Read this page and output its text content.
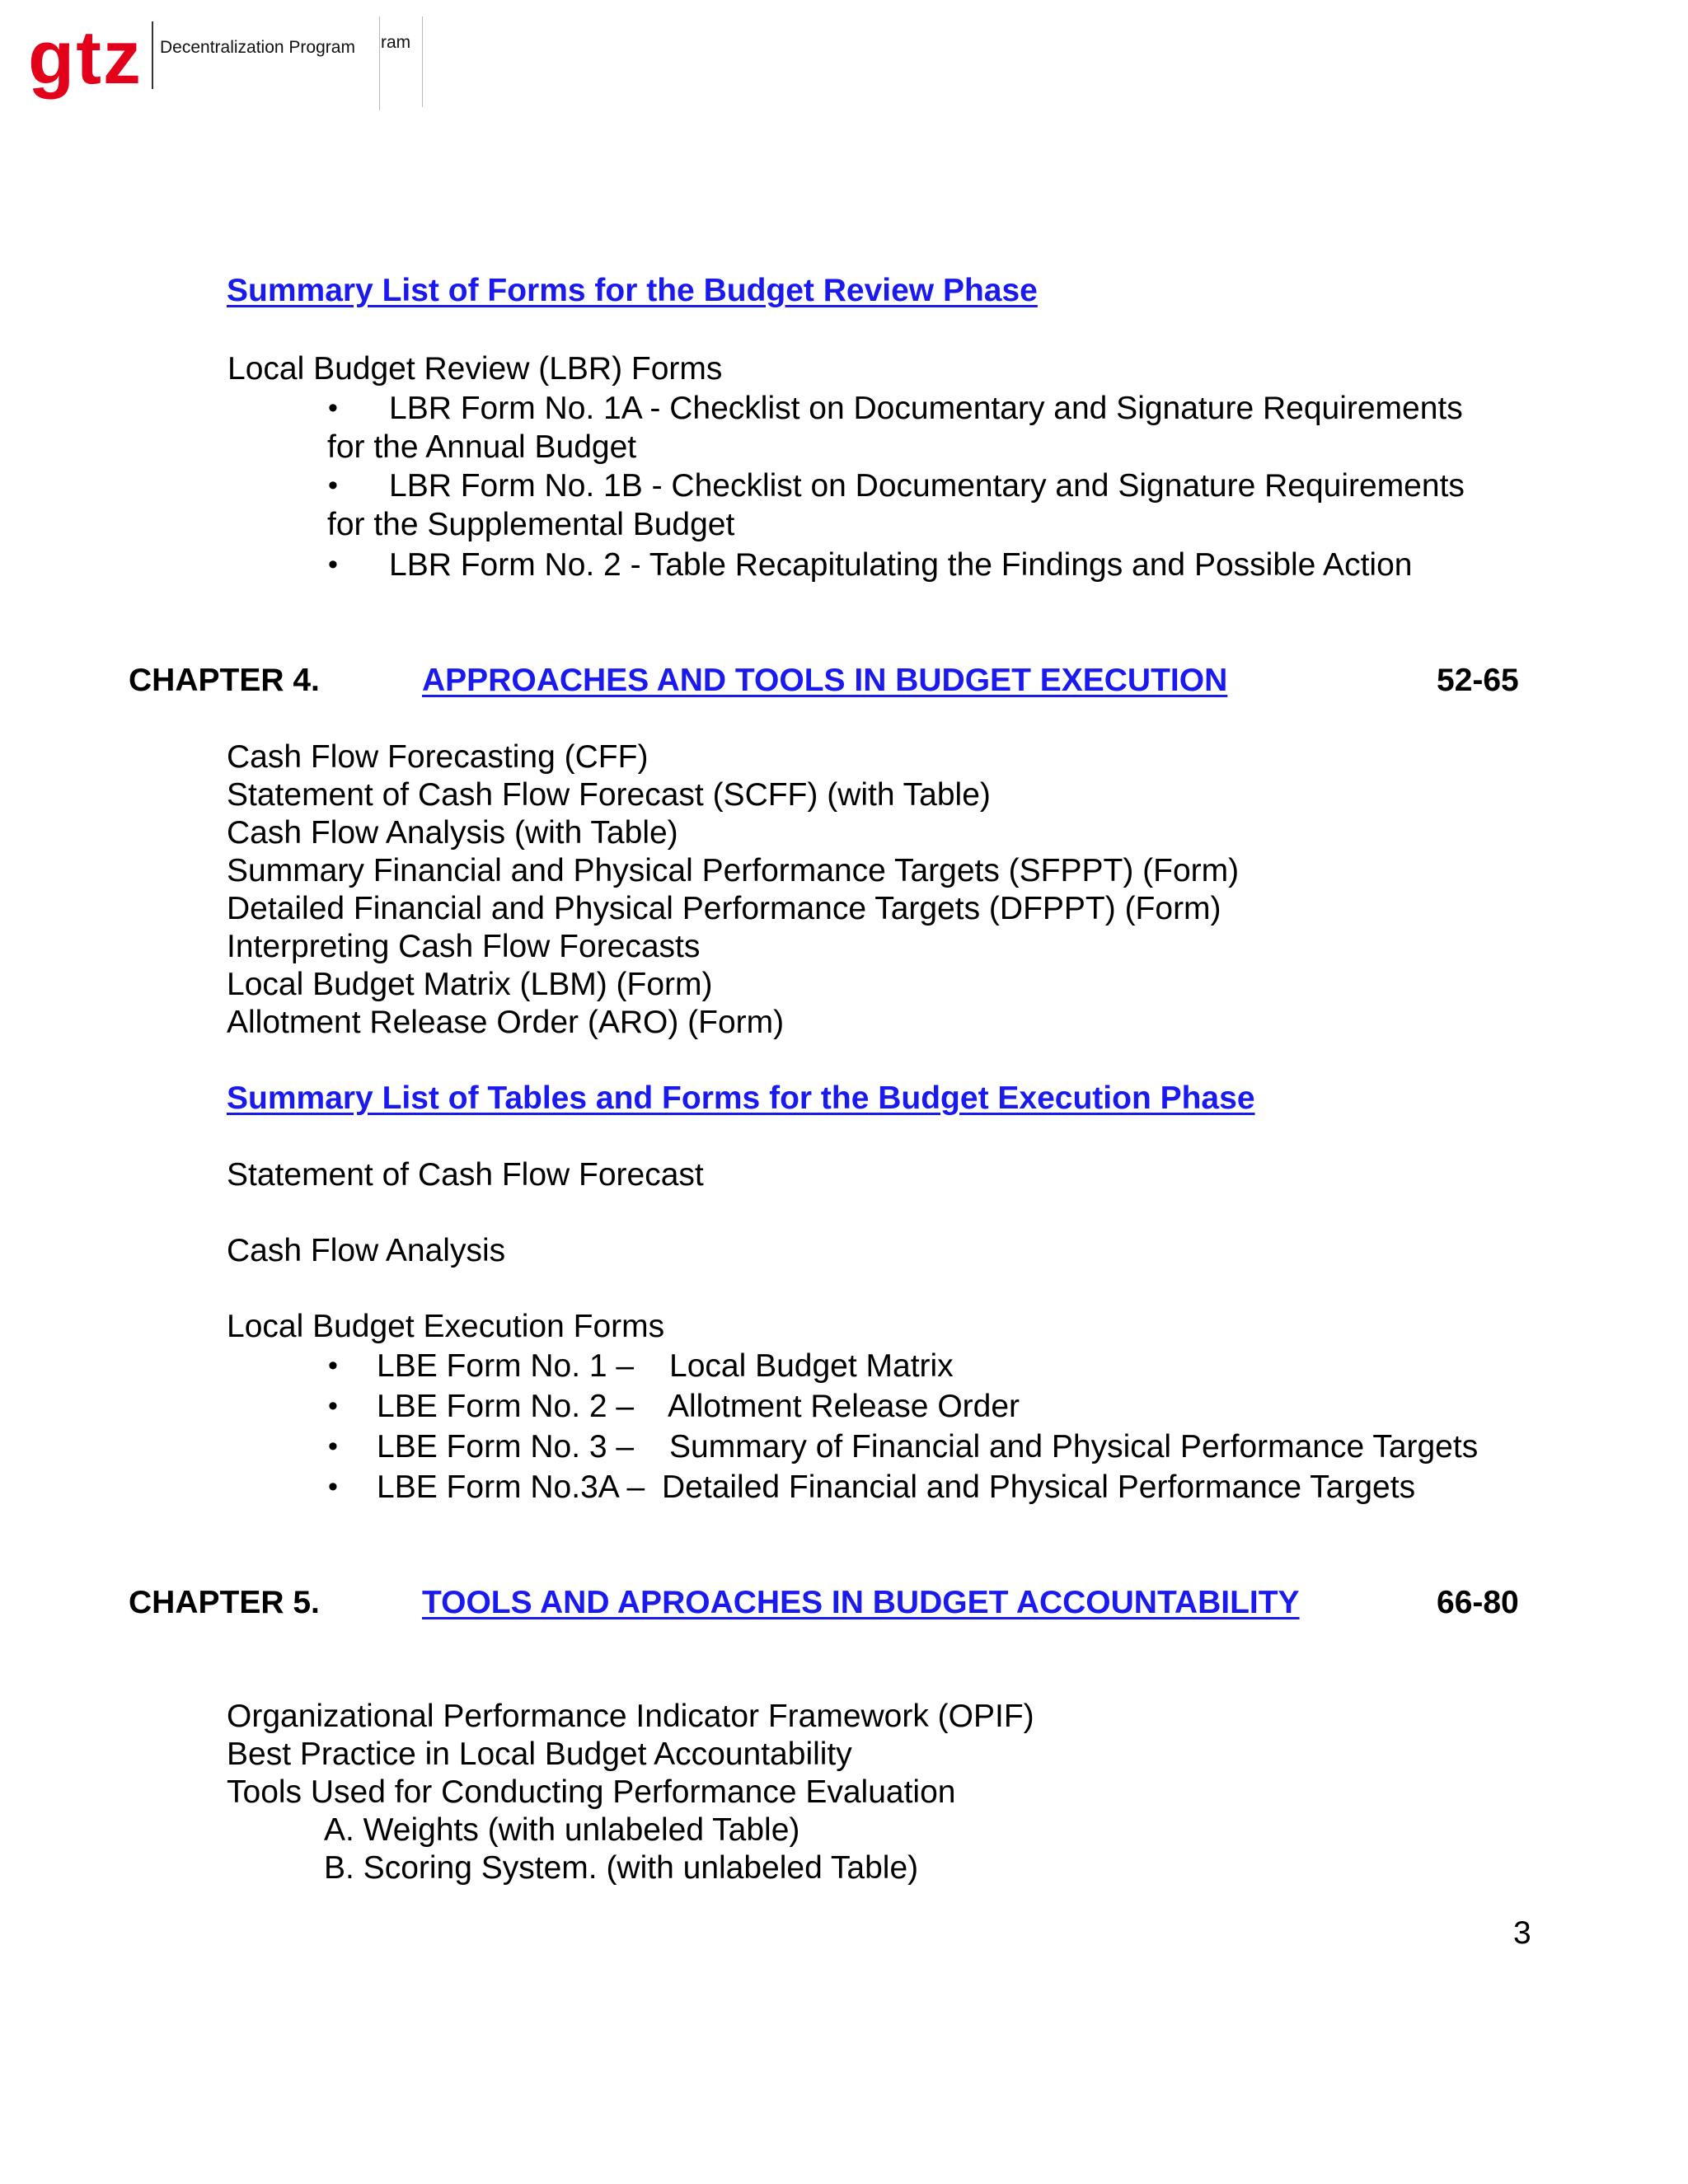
gtz Decentralization Program ram
Summary List of Forms for the Budget Review Phase
Local Budget Review (LBR) Forms
• LBR Form No. 1A - Checklist on Documentary and Signature Requirements
for the Annual Budget
• LBR Form No. 1B - Checklist on Documentary and Signature Requirements
for the Supplemental Budget
• LBR Form No. 2 - Table Recapitulating the Findings and Possible Action
CHAPTER 4.	APPROACHES AND TOOLS IN BUDGET EXECUTION	52-65
Cash Flow Forecasting (CFF)
Statement of Cash Flow Forecast (SCFF) (with Table)
Cash Flow Analysis (with Table)
Summary Financial and Physical Performance Targets (SFPPT) (Form)
Detailed Financial and Physical Performance Targets (DFPPT) (Form)
Interpreting Cash Flow Forecasts
Local Budget Matrix (LBM) (Form)
Allotment Release Order (ARO) (Form)
Summary List of Tables and Forms for the Budget Execution Phase
Statement of Cash Flow Forecast
Cash Flow Analysis
Local Budget Execution Forms
• LBE Form No. 1 – Local Budget Matrix
• LBE Form No. 2 – Allotment Release Order
• LBE Form No. 3 – Summary of Financial and Physical Performance Targets
• LBE Form No.3A – Detailed Financial and Physical Performance Targets
CHAPTER 5.	TOOLS AND APROACHES IN BUDGET ACCOUNTABILITY	66-80
Organizational Performance Indicator Framework (OPIF)
Best Practice in Local Budget Accountability
Tools Used for Conducting Performance Evaluation
A. Weights (with unlabeled Table)
B. Scoring System. (with unlabeled Table)
3
